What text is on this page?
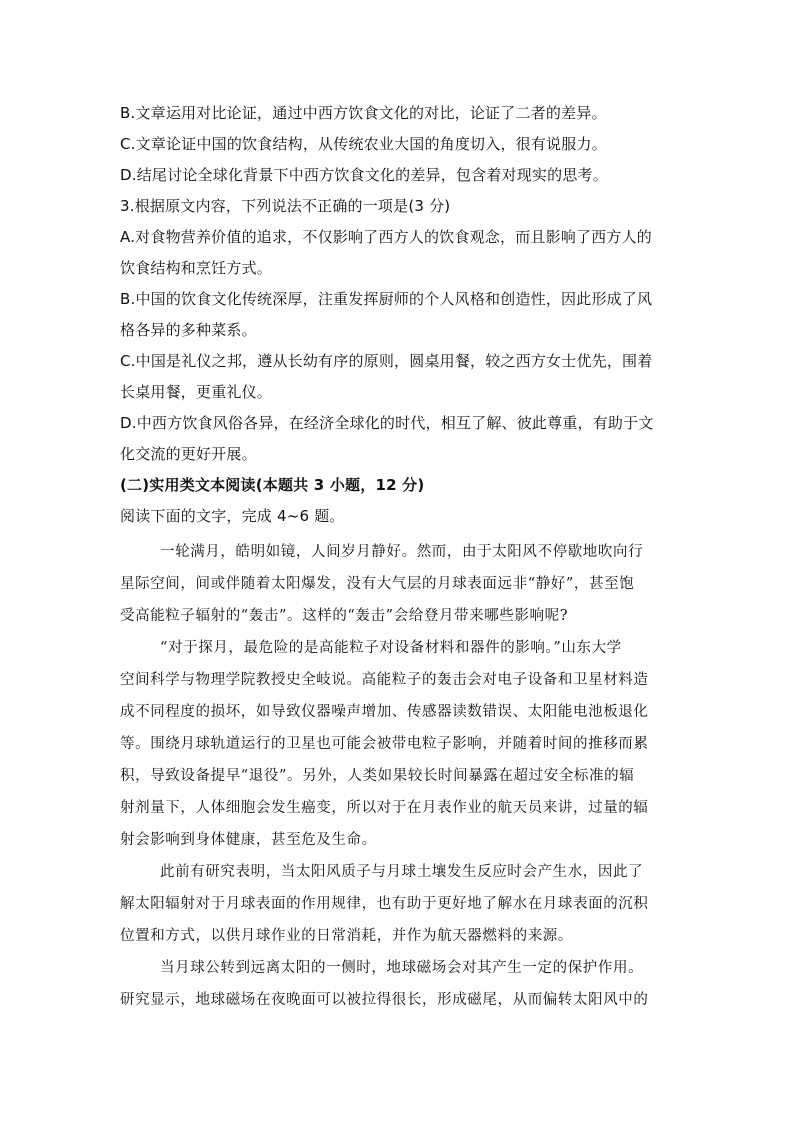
B.文章运用对比论证，通过中西方饮食文化的对比，论证了二者的差异。
C.文章论证中国的饮食结构，从传统农业大国的角度切入，很有说服力。
D.结尾讨论全球化背景下中西方饮食文化的差异，包含着对现实的思考。
3.根据原文内容，下列说法不正确的一项是(3 分)
A.对食物营养价值的追求，不仅影响了西方人的饮食观念，而且影响了西方人的
饮食结构和烹饪方式。
B.中国的饮食文化传统深厚，注重发挥厨师的个人风格和创造性，因此形成了风
格各异的多种菜系。
C.中国是礼仪之邦，遵从长幼有序的原则，圆桌用餐，较之西方女士优先，围着
长桌用餐，更重礼仪。
D.中西方饮食风俗各异，在经济全球化的时代，相互了解、彼此尊重，有助于文
化交流的更好开展。
(二)实用类文本阅读(本题共 3 小题，12 分)
阅读下面的文字，完成 4~6 题。
一轮满月，皓明如镜，人间岁月静好。然而，由于太阳风不停歇地吹向行
星际空间，间或伴随着太阳爆发，没有大气层的月球表面远非“静好”，甚至饱
受高能粒子辐射的“轰击”。这样的“轰击”会给登月带来哪些影响呢?
“对于探月，最危险的是高能粒子对设备材料和器件的影响。”山东大学
空间科学与物理学院教授史全岐说。高能粒子的轰击会对电子设备和卫星材料造
成不同程度的损坏，如导致仪器噪声增加、传感器读数错误、太阳能电池板退化
等。围绕月球轨道运行的卫星也可能会被带电粒子影响，并随着时间的推移而累
积，导致设备提早“退役”。另外，人类如果较长时间暴露在超过安全标准的辐
射剂量下，人体细胞会发生癌变，所以对于在月表作业的航天员来讲，过量的辐
射会影响到身体健康，甚至危及生命。
此前有研究表明，当太阳风质子与月球土壤发生反应时会产生水，因此了
解太阳辐射对于月球表面的作用规律，也有助于更好地了解水在月球表面的沉积
位置和方式，以供月球作业的日常消耗，并作为航天器燃料的来源。
当月球公转到远离太阳的一侧时，地球磁场会对其产生一定的保护作用。
研究显示，地球磁场在夜晚面可以被拉得很长，形成磁尾，从而偏转太阳风中的
